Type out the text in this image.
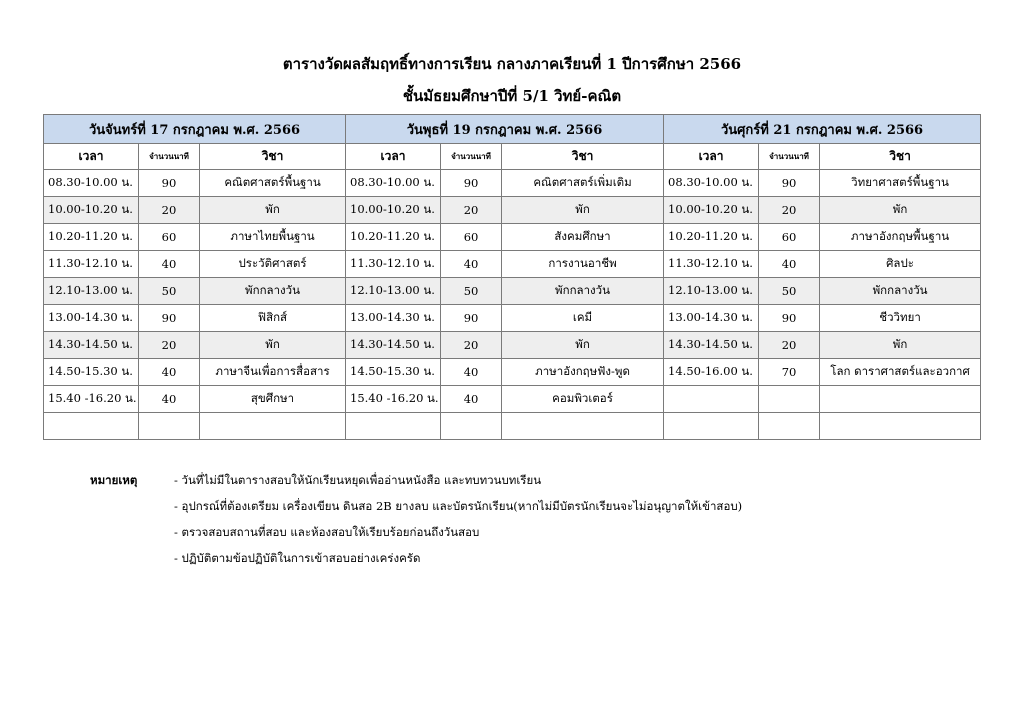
ตารางวัดผลสัมฤทธิ์ทางการเรียน กลางภาคเรียนที่ 1 ปีการศึกษา 2566
ชั้นมัธยมศึกษาปีที่ 5/1 วิทย์-คณิต
วันจันทร์ที่ 17 กรกฎาคม พ.ศ. 2566			วันพุธที่ 19 กรกฎาคม พ.ศ. 2566			วันศุกร์ที่ 21 กรกฎาคม พ.ศ. 2566		
เวลา	จำนวนนาที	วิชา	เวลา	จำนวนนาที	วิชา	เวลา	จำนวนนาที	วิชา
08.30-10.00 น.	90	คณิตศาสตร์พื้นฐาน	08.30-10.00 น.	90	คณิตศาสตร์เพิ่มเติม	08.30-10.00 น.	90	วิทยาศาสตร์พื้นฐาน
10.00-10.20 น.	20	พัก	10.00-10.20 น.	20	พัก	10.00-10.20 น.	20	พัก
10.20-11.20 น.	60	ภาษาไทยพื้นฐาน	10.20-11.20 น.	60	สังคมศึกษา	10.20-11.20 น.	60	ภาษาอังกฤษพื้นฐาน
11.30-12.10 น.	40	ประวัติศาสตร์	11.30-12.10 น.	40	การงานอาชีพ	11.30-12.10 น.	40	ศิลปะ
12.10-13.00 น.	50	พักกลางวัน	12.10-13.00 น.	50	พักกลางวัน	12.10-13.00 น.	50	พักกลางวัน
13.00-14.30 น.	90	ฟิสิกส์	13.00-14.30 น.	90	เคมี	13.00-14.30 น.	90	ชีววิทยา
14.30-14.50 น.	20	พัก	14.30-14.50 น.	20	พัก	14.30-14.50 น.	20	พัก
14.50-15.30 น.	40	ภาษาจีนเพื่อการสื่อสาร	14.50-15.30 น.	40	ภาษาอังกฤษฟัง-พูด	14.50-16.00 น.	70	โลก ดาราศาสตร์และอวกาศ
15.40 -16.20 น.	40	สุขศึกษา	15.40 -16.20 น.	40	คอมพิวเตอร์			

หมายเหตุ	- วันที่ไม่มีในตารางสอบให้นักเรียนหยุดเพื่ออ่านหนังสือ และทบทวนบทเรียน
- อุปกรณ์ที่ต้องเตรียม เครื่องเขียน ดินสอ 2B ยางลบ และบัตรนักเรียน(หากไม่มีบัตรนักเรียนจะไม่อนุญาตให้เข้าสอบ)
- ตรวจสอบสถานที่สอบ และห้องสอบให้เรียบร้อยก่อนถึงวันสอบ
- ปฏิบัติตามข้อปฏิบัติในการเข้าสอบอย่างเคร่งครัด
